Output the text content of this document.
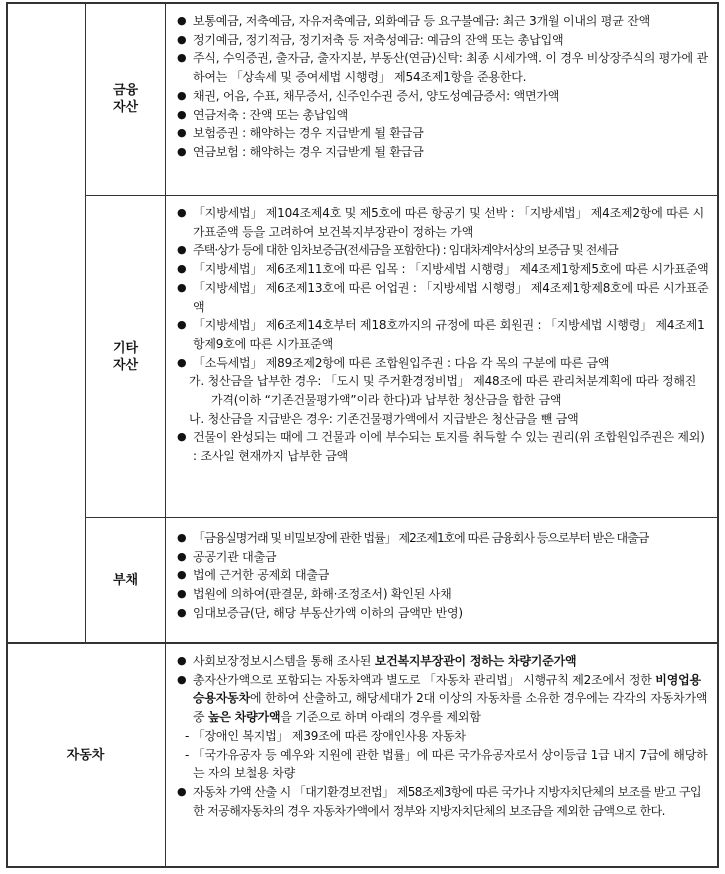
금융
자산

● 보통예금, 저축예금, 자유저축예금, 외화예금 등 요구불예금: 최근 3개월 이내의 평균 잔액

● 정기예금, 정기적금, 정기저축 등 저축성예금: 예금의 잔액 또는 총납입액

● 주식, 수익증권, 출자금, 출자지분, 부동산(연금)신탁: 최종 시세가액. 이 경우 비상장주식의 평가에 관하여는 「상속세 및 증여세법 시행령」 제54조제1항을 준용한다.

● 채권, 어음, 수표, 채무증서, 신주인수권 증서, 양도성예금증서: 액면가액

● 연금저축 : 잔액 또는 총납입액

● 보험증권 : 해약하는 경우 지급받게 될 환급금

● 연금보험 : 해약하는 경우 지급받게 될 환급금

기타
자산

● 「지방세법」 제104조제4호 및 제5호에 따른 항공기 및 선박 : 「지방세법」 제4조제2항에 따른 시가표준액 등을 고려하여 보건복지부장관이 정하는 가액

● 주택·상가 등에 대한 임차보증금(전세금을 포함한다) : 임대차계약서상의 보증금 및 전세금

● 「지방세법」 제6조제11호에 따른 입목 : 「지방세법 시행령」 제4조제1항제5호에 따른 시가표준액

● 「지방세법」 제6조제13호에 따른 어업권 : 「지방세법 시행령」 제4조제1항제8호에 따른 시가표준액

● 「지방세법」 제6조제14호부터 제18호까지의 규정에 따른 회원권 : 「지방세법 시행령」 제4조제1항제9호에 따른 시가표준액

● 「소득세법」 제89조제2항에 따른 조합원입주권 : 다음 각 목의 구분에 따른 금액

가. 청산금을 납부한 경우: 「도시 및 주거환경정비법」 제48조에 따른 관리처분계획에 따라 정해진 가격(이하 “기존건물평가액”이라 한다)과 납부한 청산금을 합한 금액

나. 청산금을 지급받은 경우: 기존건물평가액에서 지급받은 청산금을 뺀 금액

● 건물이 완성되는 때에 그 건물과 이에 부수되는 토지를 취득할 수 있는 권리(위 조합원입주권은 제외) : 조사일 현재까지 납부한 금액

부채

● 「금융실명거래 및 비밀보장에 관한 법률」 제2조제1호에 따른 금융회사 등으로부터 받은 대출금

● 공공기관 대출금

● 법에 근거한 공제회 대출금

● 법원에 의하여(판결문, 화해·조정조서) 확인된 사채

● 임대보증금(단, 해당 부동산가액 이하의 금액만 반영)

자동차

● 사회보장정보시스템을 통해 조사된 보건복지부장관이 정하는 차량기준가액

● 총자산가액으로 포함되는 자동차액과 별도로 「자동차 관리법」 시행규칙 제2조에서 정한 비영업용 승용자동차에 한하여 산출하고, 해당세대가 2대 이상의 자동차를 소유한 경우에는 각각의 자동차가액 중 높은 차량가액을 기준으로 하며 아래의 경우를 제외함

- 「장애인 복지법」 제39조에 따른 장애인사용 자동차

- 「국가유공자 등 예우와 지원에 관한 법률」에 따른 국가유공자로서 상이등급 1급 내지 7급에 해당하는 자의 보철용 차량

● 자동차 가액 산출 시 「대기환경보전법」 제58조제3항에 따른 국가나 지방자치단체의 보조를 받고 구입한 저공해자동차의 경우 자동차가액에서 정부와 지방자치단체의 보조금을 제외한 금액으로 한다.
